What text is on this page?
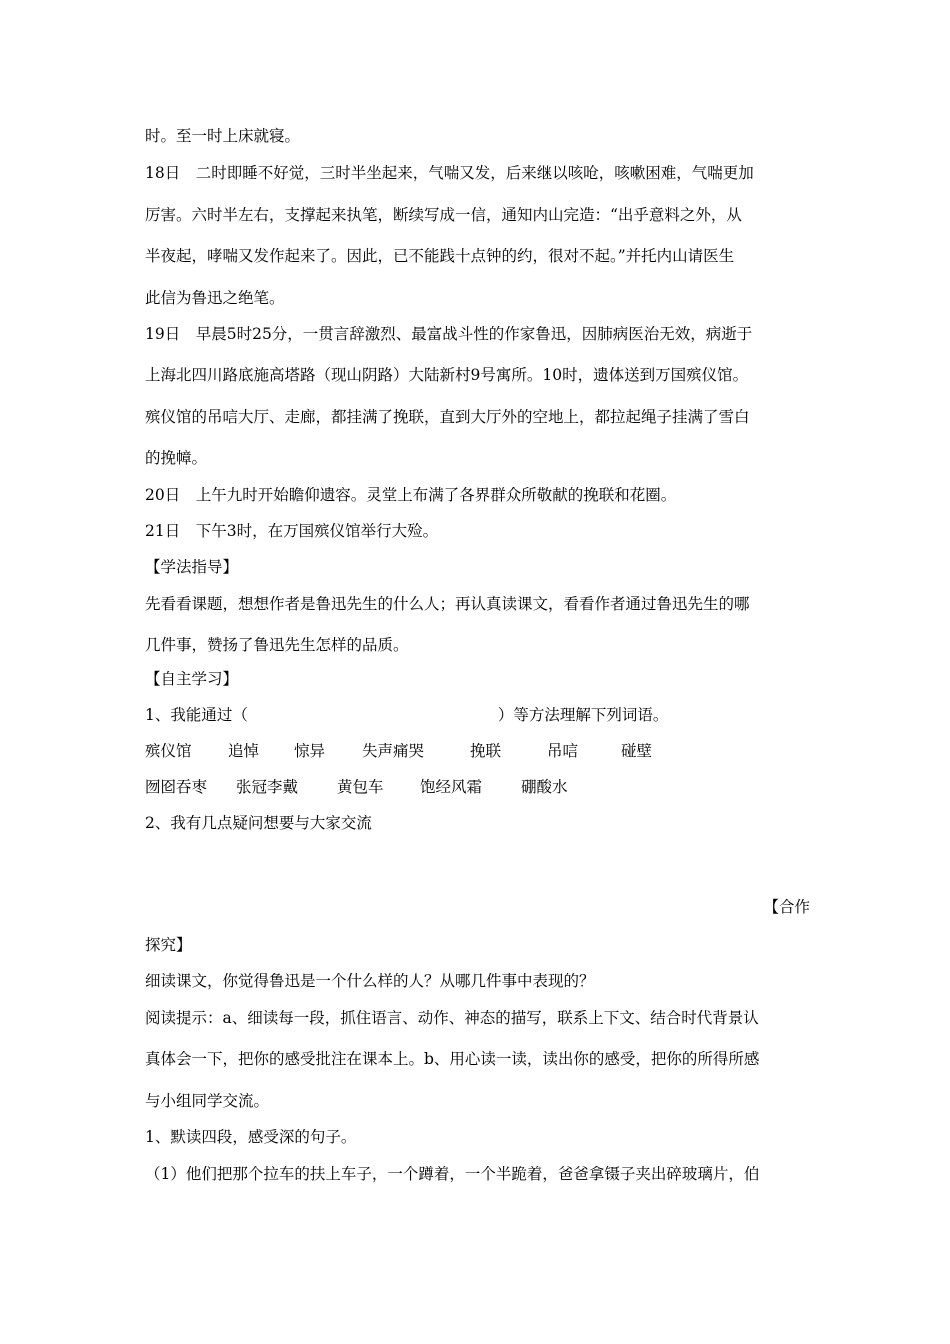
时。至一时上床就寝。
18日　二时即睡不好觉，三时半坐起来，气喘又发，后来继以咳呛，咳嗽困难，气喘更加
厉害。六时半左右，支撑起来执笔，断续写成一信，通知内山完造：“出乎意料之外，从
半夜起，哮喘又发作起来了。因此，已不能践十点钟的约，很对不起。”并托内山请医生
此信为鲁迅之绝笔。
19日　早晨5时25分，一贯言辞激烈、最富战斗性的作家鲁迅，因肺病医治无效，病逝于
上海北四川路底施高塔路（现山阴路）大陆新村9号寓所。10时，遗体送到万国殡仪馆。
殡仪馆的吊唁大厅、走廊，都挂满了挽联，直到大厅外的空地上，都拉起绳子挂满了雪白
的挽幛。
20日　上午九时开始瞻仰遗容。灵堂上布满了各界群众所敬献的挽联和花圈。
21日　下午3时，在万国殡仪馆举行大殓。
【学法指导】
先看看课题，想想作者是鲁迅先生的什么人；再认真读课文，看看作者通过鲁迅先生的哪
几件事，赞扬了鲁迅先生怎样的品质。
【自主学习】
1、我能通过（	）等方法理解下列词语。
殡仪馆 追悼 惊异 失声痛哭	挽联	吊唁	碰壁
囫囵吞枣 张冠李戴	黄包车 饱经风霜	硼酸水
2、我有几点疑问想要与大家交流
【合作
探究】
细读课文，你觉得鲁迅是一个什么样的人？从哪几件事中表现的？
阅读提示：a、细读每一段，抓住语言、动作、神态的描写，联系上下文、结合时代背景认
真体会一下，把你的感受批注在课本上。b、用心读一读，读出你的感受，把你的所得所感
与小组同学交流。
1、默读四段，感受深的句子。
（1）他们把那个拉车的扶上车子，一个蹲着，一个半跪着，爸爸拿镊子夹出碎玻璃片，伯
